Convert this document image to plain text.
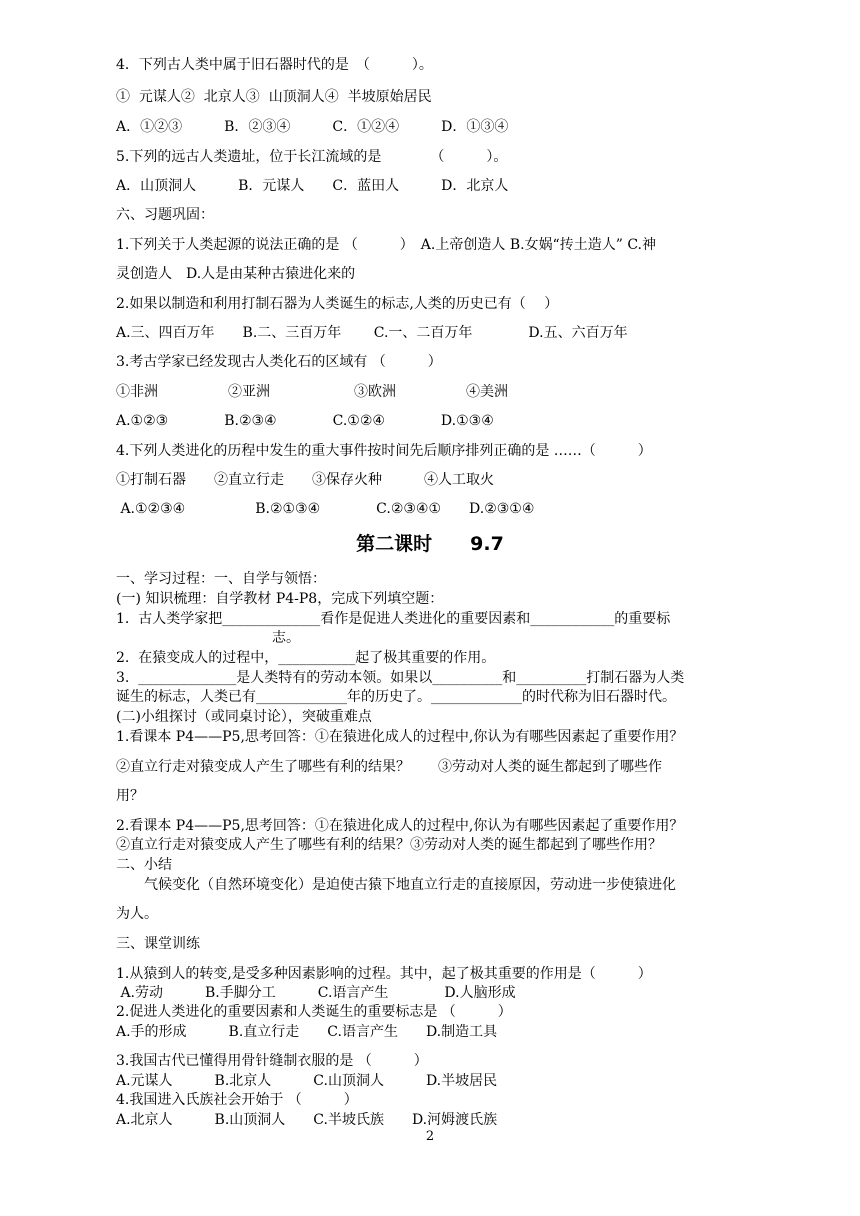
4．下列古人类中属于旧石器时代的是　（　　　）。

①  元谋人②  北京人③  山顶洞人④  半坡原始居民

A．①②③　　　B．②③④　　　C．①②④　　　D．①③④

5.下列的远古人类遗址，位于长江流域的是　　　　（　　　）。

A．山顶洞人　　　B．元谋人　　C．蓝田人　　　D．北京人

六、习题巩固：

1.下列关于人类起源的说法正确的是 （　　　）　A.上帝创造人 B.女娲“抟土造人” C.神

灵创造人　D.人是由某种古猿进化来的

2.如果以制造和利用打制石器为人类诞生的标志,人类的历史已有（　 ）

A.三、四百万年　　B.二、三百万年　　 C.一、二百万年　　　　D.五、六百万年

3.考古学家已经发现古人类化石的区域有 （　　　）

①非洲　　　　　②亚洲　　　　　　③欧洲　　　　　④美洲

A.①②③　　　　B.②③④　　　　C.①②④　　　　D.①③④

4.下列人类进化的历程中发生的重大事件按时间先后顺序排列正确的是 ……（　　　）

①打制石器　　②直立行走　　③保存火种　　　④人工取火

A.①②③④　　　　　B.②①③④　　　　C.②③④①　　D.②③①④

第二课时　　9.7

一、学习过程：一、自学与领悟：

(一) 知识梳理：自学教材 P4-P8，完成下列填空题：

1.  古人类学家把______________看作是促进人类进化的重要因素和____________的重要标

志。

2.  在猿变成人的过程中，___________起了极其重要的作用。

3.  ______________是人类特有的劳动本领。如果以__________和__________打制石器为人类

诞生的标志，人类已有_____________年的历史了。_____________的时代称为旧石器时代。

(二)小组探讨（或同桌讨论），突破重难点

1.看课本 P4——P5,思考回答：①在猿进化成人的过程中,你认为有哪些因素起了重要作用？

②直立行走对猿变成人产生了哪些有利的结果？　　③劳动对人类的诞生都起到了哪些作

用？

2.看课本 P4——P5,思考回答：①在猿进化成人的过程中,你认为有哪些因素起了重要作用？

②直立行走对猿变成人产生了哪些有利的结果？③劳动对人类的诞生都起到了哪些作用？

二、小结

气候变化（自然环境变化）是迫使古猿下地直立行走的直接原因，劳动进一步使猿进化

为人。

三、课堂训练

1.从猿到人的转变,是受多种因素影响的过程。其中，起了极其重要的作用是（　　　）

A.劳动　　　B.手脚分工　　　C.语言产生　　　　D.人脑形成

2.促进人类进化的重要因素和人类诞生的重要标志是 （　　　）

A.手的形成　　　B.直立行走　　C.语言产生　　D.制造工具

3.我国古代已懂得用骨针缝制衣服的是 （　　　）

A.元谋人　　　B.北京人　　　C.山顶洞人　　　D.半坡居民

4.我国进入氏族社会开始于 （　　　）

A.北京人　　　B.山顶洞人　　C.半坡氏族　　D.河姆渡氏族

2
